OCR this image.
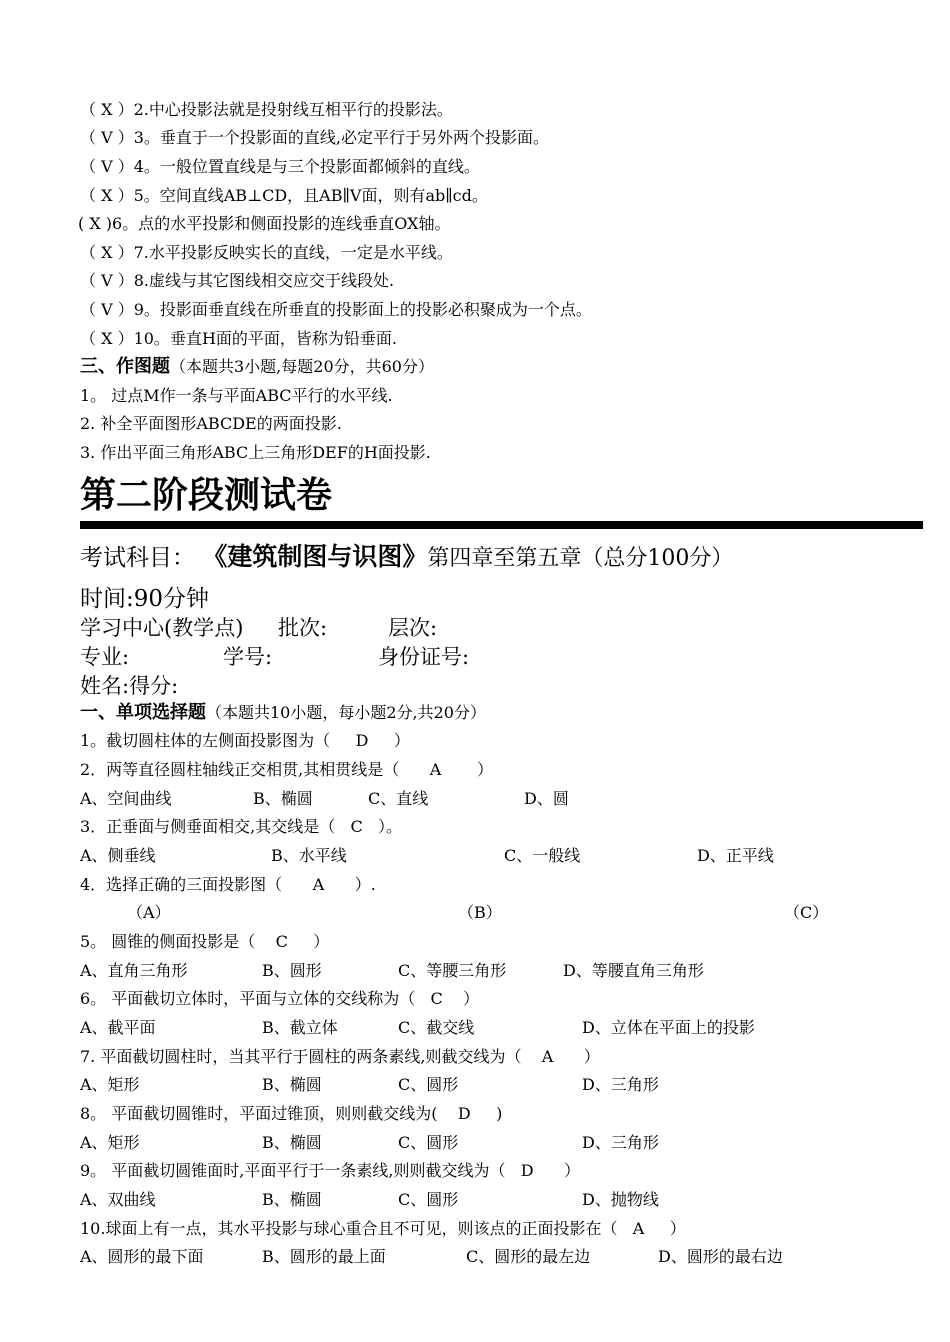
（ X ）2.中心投影法就是投射线互相平行的投影法。
（ V ）3。垂直于一个投影面的直线,必定平行于另外两个投影面。
（ V ）4。一般位置直线是与三个投影面都倾斜的直线。
（ X ）5。空间直线AB⊥CD，且AB∥V面，则有ab∥cd。
( X )6。点的水平投影和侧面投影的连线垂直OX轴。
（ X ）7.水平投影反映实长的直线，一定是水平线。
（ V ）8.虚线与其它图线相交应交于线段处.
（ V ）9。投影面垂直线在所垂直的投影面上的投影必积聚成为一个点。
（ X ）10。垂直H面的平面，皆称为铅垂面.
三、作图题（本题共3小题,每题20分，共60分）
1。 过点M作一条与平面ABC平行的水平线.
2. 补全平面图形ABCDE的两面投影.
3. 作出平面三角形ABC上三角形DEF的H面投影.
第二阶段测试卷
考试科目： 《建筑制图与识图》第四章至第五章（总分100分）
时间:90分钟
学习中心(教学点) 批次:	层次:
专业:	学号:	身份证号:
姓名:得分:
一、单项选择题（本题共10小题，每小题2分,共20分）
1。截切圆柱体的左侧面投影图为（     D     ）
2．两等直径圆柱轴线正交相贯,其相贯线是（      A       ）
A、空间曲线	B、椭圆	C、直线	D、圆
3．正垂面与侧垂面相交,其交线是（   C   ）。
A、侧垂线	B、水平线	C、一般线	D、正平线
4．选择正确的三面投影图（      A      ）.
（A）	（B）	（C）
5。 圆锥的侧面投影是（    C     ）
A、直角三角形	B、圆形	C、等腰三角形	D、等腰直角三角形
6。 平面截切立体时，平面与立体的交线称为（   C    ）
A、截平面	B、截立体	C、截交线	D、立体在平面上的投影
7. 平面截切圆柱时，当其平行于圆柱的两条素线,则截交线为（    A      ）
A、矩形	B、椭圆	C、圆形	D、三角形
8。 平面截切圆锥时，平面过锥顶，则则截交线为(    D     )
A、矩形	B、椭圆	C、圆形	D、三角形
9。 平面截切圆锥面时,平面平行于一条素线,则则截交线为（   D      ）
A、双曲线	B、椭圆	C、圆形	D、抛物线
10.球面上有一点，其水平投影与球心重合且不可见，则该点的正面投影在（   A     ）
A、圆形的最下面	B、圆形的最上面	C、圆形的最左边	D、圆形的最右边
